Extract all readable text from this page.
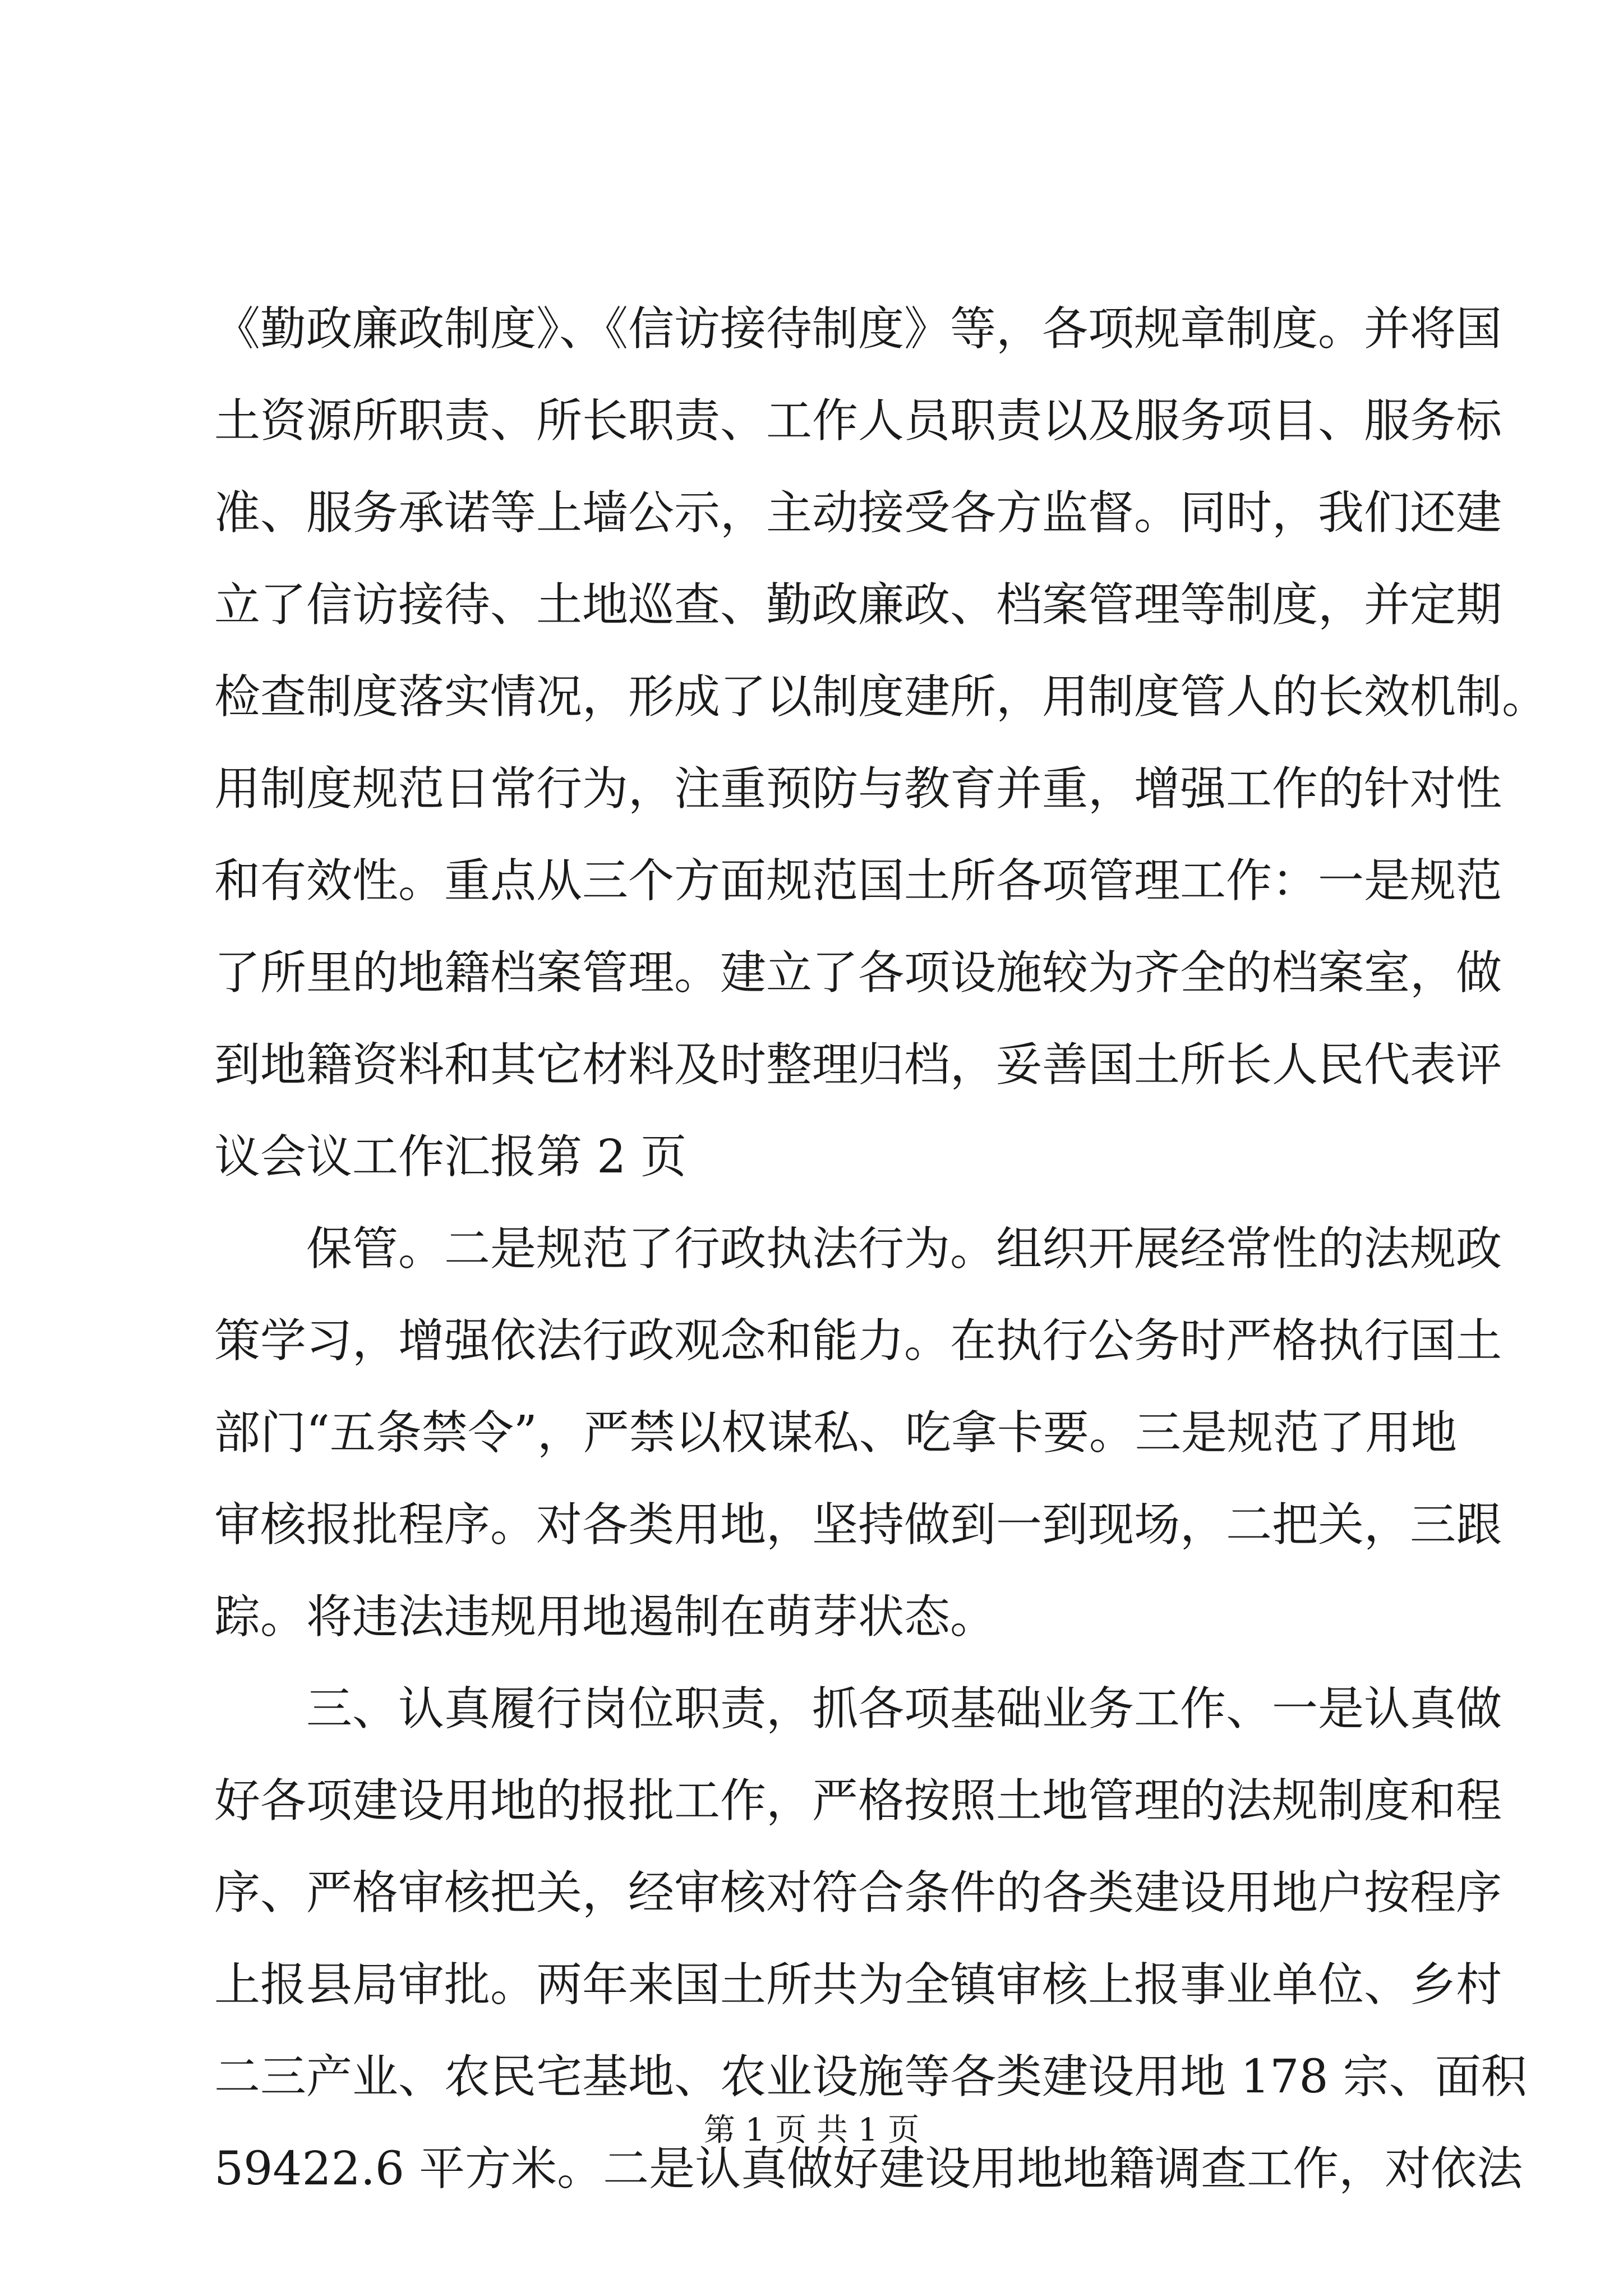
《勤政廉政制度》、《信访接待制度》等，各项规章制度。并将国
土资源所职责、所长职责、工作人员职责以及服务项目、服务标
准、服务承诺等上墙公示，主动接受各方监督。同时，我们还建
立了信访接待、土地巡查、勤政廉政、档案管理等制度，并定期
检查制度落实情况，形成了以制度建所，用制度管人的长效机制。
用制度规范日常行为，注重预防与教育并重，增强工作的针对性
和有效性。重点从三个方面规范国土所各项管理工作：一是规范
了所里的地籍档案管理。建立了各项设施较为齐全的档案室，做
到地籍资料和其它材料及时整理归档，妥善国土所长人民代表评
议会议工作汇报第 2 页
保管。二是规范了行政执法行为。组织开展经常性的法规政
策学习，增强依法行政观念和能力。在执行公务时严格执行国土
部门“五条禁令”，严禁以权谋私、吃拿卡要。三是规范了用地
审核报批程序。对各类用地，坚持做到一到现场，二把关，三跟
踪。将违法违规用地遏制在萌芽状态。
三、认真履行岗位职责，抓各项基础业务工作、一是认真做
好各项建设用地的报批工作，严格按照土地管理的法规制度和程
序、严格审核把关，经审核对符合条件的各类建设用地户按程序
上报县局审批。两年来国土所共为全镇审核上报事业单位、乡村
二三产业、农民宅基地、农业设施等各类建设用地 178 宗、面积
59422.6 平方米。二是认真做好建设用地地籍调查工作，对依法
第 1 页 共 1 页
